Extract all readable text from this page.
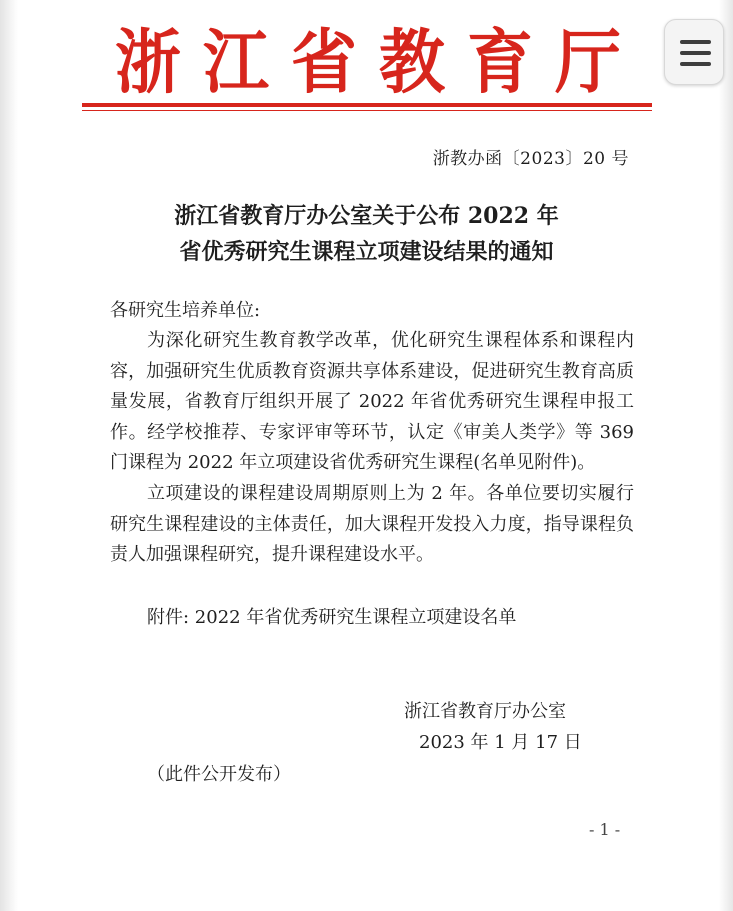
浙江省教育厅
浙教办函〔2023〕20 号
浙江省教育厅办公室关于公布 2022 年
省优秀研究生课程立项建设结果的通知
各研究生培养单位:
为深化研究生教育教学改革，优化研究生课程体系和课程内容，加强研究生优质教育资源共享体系建设，促进研究生教育高质量发展，省教育厅组织开展了 2022 年省优秀研究生课程申报工作。经学校推荐、专家评审等环节，认定《审美人类学》等 369 门课程为 2022 年立项建设省优秀研究生课程(名单见附件)。
立项建设的课程建设周期原则上为 2 年。各单位要切实履行研究生课程建设的主体责任，加大课程开发投入力度，指导课程负责人加强课程研究，提升课程建设水平。
附件: 2022 年省优秀研究生课程立项建设名单
浙江省教育厅办公室
2023 年 1 月 17 日
（此件公开发布）
- 1 -
